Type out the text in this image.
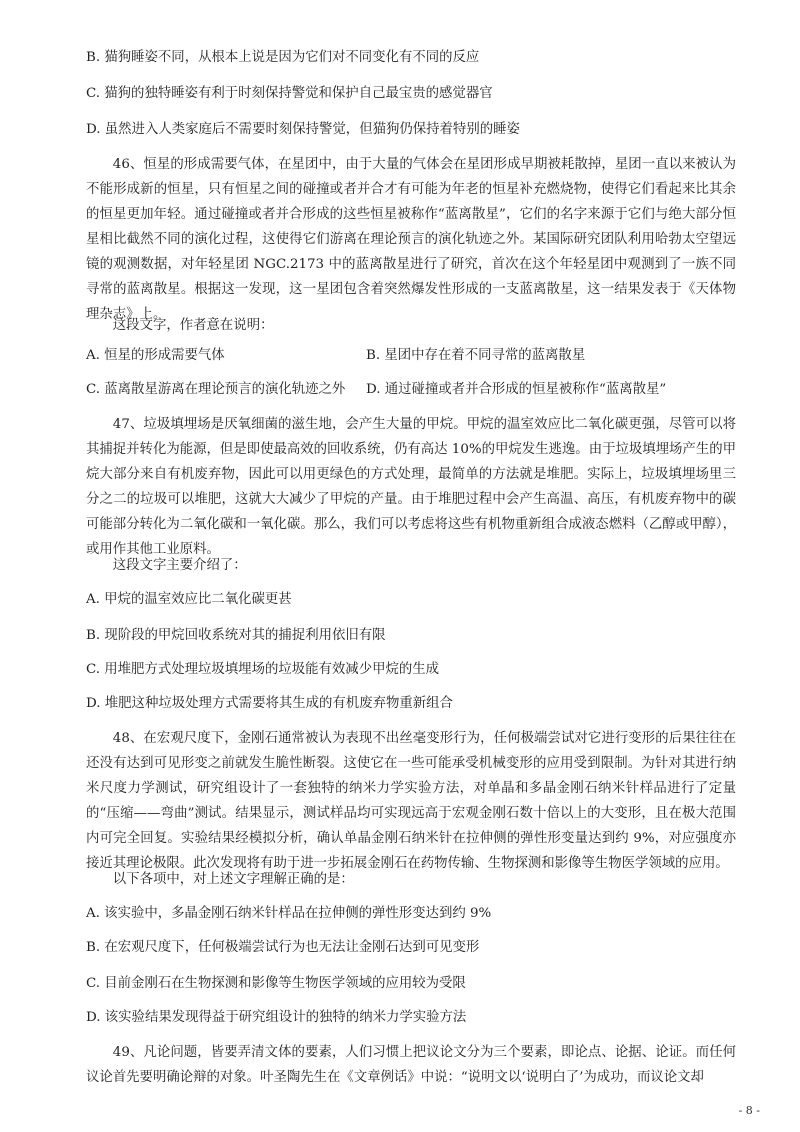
B. 猫狗睡姿不同，从根本上说是因为它们对不同变化有不同的反应
C. 猫狗的独特睡姿有利于时刻保持警觉和保护自己最宝贵的感觉器官
D. 虽然进入人类家庭后不需要时刻保持警觉，但猫狗仍保持着特别的睡姿
46、恒星的形成需要气体，在星团中，由于大量的气体会在星团形成早期被耗散掉，星团一直以来被认为不能形成新的恒星，只有恒星之间的碰撞或者并合才有可能为年老的恒星补充燃烧物，使得它们看起来比其余的恒星更加年轻。通过碰撞或者并合形成的这些恒星被称作“蓝离散星”，它们的名字来源于它们与绝大部分恒星相比截然不同的演化过程，这使得它们游离在理论预言的演化轨迹之外。某国际研究团队利用哈勃太空望远镜的观测数据，对年轻星团 NGC.2173 中的蓝离散星进行了研究，首次在这个年轻星团中观测到了一族不同寻常的蓝离散星。根据这一发现，这一星团包含着突然爆发性形成的一支蓝离散星，这一结果发表于《天体物理杂志》上。
这段文字，作者意在说明：
A. 恒星的形成需要气体	B. 星团中存在着不同寻常的蓝离散星
C. 蓝离散星游离在理论预言的演化轨迹之外 D. 通过碰撞或者并合形成的恒星被称作“蓝离散星”
47、垃圾填埋场是厌氧细菌的滋生地，会产生大量的甲烷。甲烷的温室效应比二氧化碳更强，尽管可以将其捕捉并转化为能源，但是即使最高效的回收系统，仍有高达 10%的甲烷发生逃逸。由于垃圾填埋场产生的甲烷大部分来自有机废弃物，因此可以用更绿色的方式处理，最简单的方法就是堆肥。实际上，垃圾填埋场里三分之二的垃圾可以堆肥，这就大大减少了甲烷的产量。由于堆肥过程中会产生高温、高压，有机废弃物中的碳可能部分转化为二氧化碳和一氧化碳。那么，我们可以考虑将这些有机物重新组合成液态燃料（乙醇或甲醇），或用作其他工业原料。
这段文字主要介绍了：
A. 甲烷的温室效应比二氧化碳更甚
B. 现阶段的甲烷回收系统对其的捕捉利用依旧有限
C. 用堆肥方式处理垃圾填埋场的垃圾能有效减少甲烷的生成
D. 堆肥这种垃圾处理方式需要将其生成的有机废弃物重新组合
48、在宏观尺度下，金刚石通常被认为表现不出丝毫变形行为，任何极端尝试对它进行变形的后果往往在还没有达到可见形变之前就发生脆性断裂。这使它在一些可能承受机械变形的应用受到限制。为针对其进行纳米尺度力学测试，研究组设计了一套独特的纳米力学实验方法，对单晶和多晶金刚石纳米针样品进行了定量的“压缩——弯曲”测试。结果显示，测试样品均可实现远高于宏观金刚石数十倍以上的大变形，且在极大范围内可完全回复。实验结果经模拟分析，确认单晶金刚石纳米针在拉伸侧的弹性形变量达到约 9%，对应强度亦接近其理论极限。此次发现将有助于进一步拓展金刚石在药物传输、生物探测和影像等生物医学领域的应用。
以下各项中，对上述文字理解正确的是：
A. 该实验中，多晶金刚石纳米针样品在拉伸侧的弹性形变达到约 9%
B. 在宏观尺度下，任何极端尝试行为也无法让金刚石达到可见变形
C. 目前金刚石在生物探测和影像等生物医学领域的应用较为受限
D. 该实验结果发现得益于研究组设计的独特的纳米力学实验方法
49、凡论问题，皆要弄清文体的要素，人们习惯上把议论文分为三个要素，即论点、论据、论证。而任何议论首先要明确论辩的对象。叶圣陶先生在《文章例话》中说：“说明文以‘说明白了’为成功，而议论文却
- 8 -
